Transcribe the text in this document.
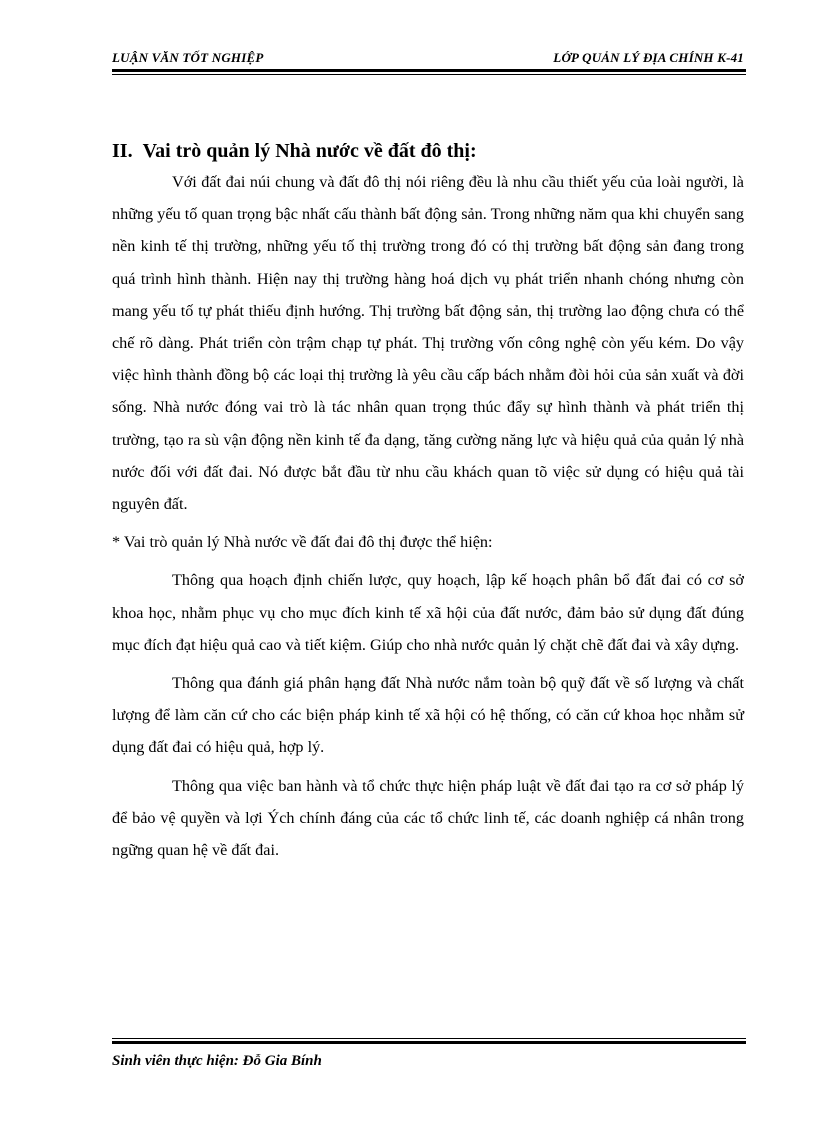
LUẬN VĂN TỐT NGHIỆP	LỚP QUẢN LÝ ĐỊA CHÍNH K-41
II. Vai trò quản lý Nhà nước về đất đô thị:

Với đất đai núi chung và đất đô thị nói riêng đều là nhu cầu thiết yếu của loài người, là những yếu tố quan trọng bậc nhất cấu thành bất động sản. Trong những năm qua khi chuyển sang nền kinh tế thị trường, những yếu tố thị trường trong đó có thị trường bất động sản đang trong quá trình hình thành. Hiện nay thị trường hàng hoá dịch vụ phát triển nhanh chóng nhưng còn mang yếu tố tự phát thiếu định hướng. Thị trường bất động sản, thị trường lao động chưa có thể chế rõ dàng. Phát triển còn trậm chạp tự phát. Thị trường vốn công nghệ còn yếu kém. Do vậy việc hình thành đồng bộ các loại thị trường là yêu cầu cấp bách nhằm đòi hỏi của sản xuất và đời sống. Nhà nước đóng vai trò là tác nhân quan trọng thúc đẩy sự hình thành và phát triển thị trường, tạo ra sù vận động nền kinh tế đa dạng, tăng cường năng lực và hiệu quả của quản lý nhà nước đối với đất đai. Nó được bắt đầu từ nhu cầu khách quan tõ việc sử dụng có hiệu quả tài nguyên đất.

* Vai trò quản lý Nhà nước về đất đai đô thị được thể hiện:

Thông qua hoạch định chiến lược, quy hoạch, lập kế hoạch phân bổ đất đai có cơ sở khoa học, nhằm phục vụ cho mục đích kinh tế xã hội của đất nước, đảm bảo sử dụng đất đúng mục đích đạt hiệu quả cao và tiết kiệm. Giúp cho nhà nước quản lý chặt chẽ đất đai và xây dựng.

Thông qua đánh giá phân hạng đất Nhà nước nắm toàn bộ quỹ đất về số lượng và chất lượng để làm căn cứ cho các biện pháp kinh tế xã hội có hệ thống, có căn cứ khoa học nhằm sử dụng đất đai có hiệu quả, hợp lý.

Thông qua việc ban hành và tổ chức thực hiện pháp luật về đất đai tạo ra cơ sở pháp lý để bảo vệ quyền và lợi Ých chính đáng của các tổ chức linh tế, các doanh nghiệp cá nhân trong ngững quan hệ về đất đai.

Sinh viên thực hiện: Đỗ Gia Bính
